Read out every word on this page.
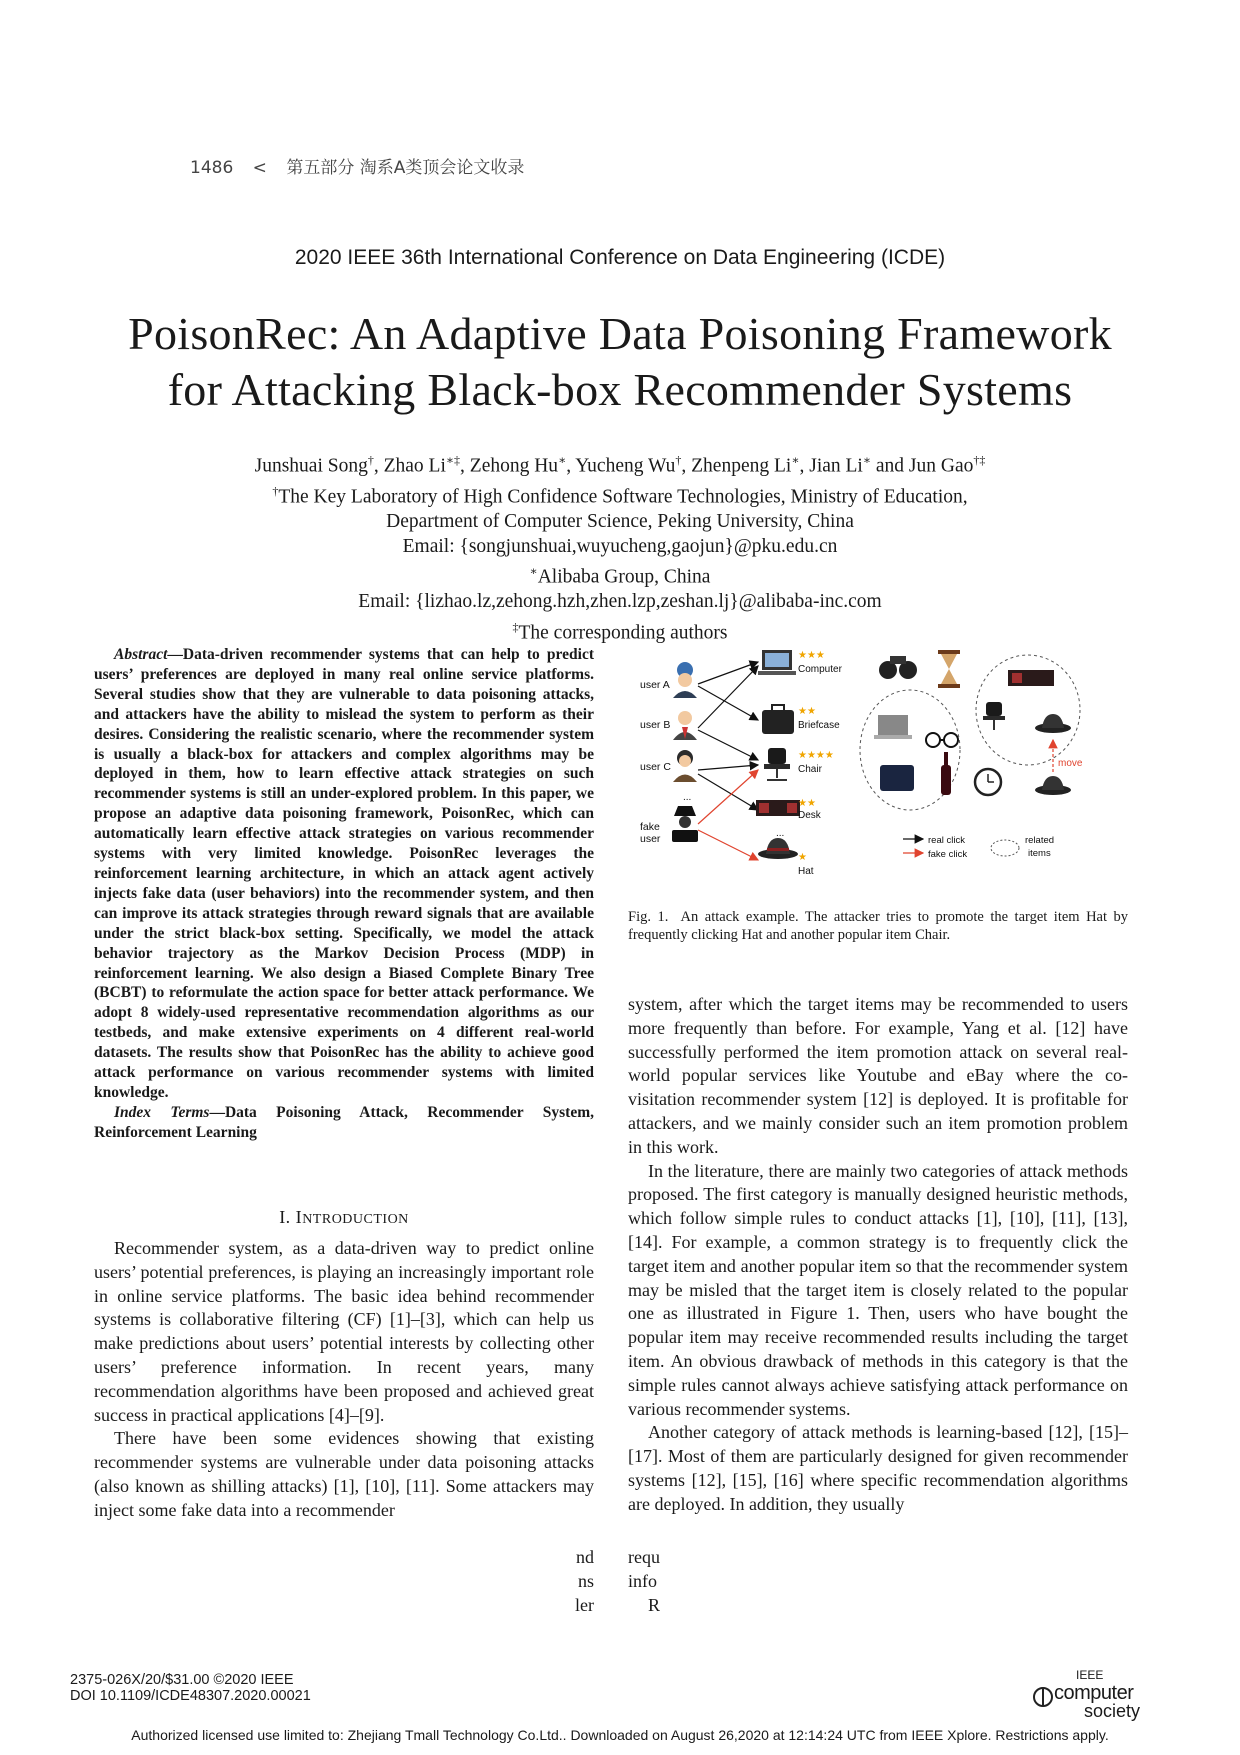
1486 < 第五部分 淘系A类顶会论文收录
2020 IEEE 36th International Conference on Data Engineering (ICDE)
PoisonRec: An Adaptive Data Poisoning Framework
for Attacking Black-box Recommender Systems
Junshuai Song†, Zhao Li∗‡, Zehong Hu∗, Yucheng Wu†, Zhenpeng Li∗, Jian Li∗ and Jun Gao†‡
†The Key Laboratory of High Confidence Software Technologies, Ministry of Education,
Department of Computer Science, Peking University, China
Email: {songjunshuai,wuyucheng,gaojun}@pku.edu.cn
∗Alibaba Group, China
Email: {lizhao.lz,zehong.hzh,zhen.lzp,zeshan.lj}@alibaba-inc.com
‡The corresponding authors

Abstract—Data-driven recommender systems that can help to predict users’ preferences are deployed in many real online service platforms. Several studies show that they are vulnerable to data poisoning attacks, and attackers have the ability to mislead the system to perform as their desires. Considering the realistic scenario, where the recommender system is usually a black-box for attackers and complex algorithms may be deployed in them, how to learn effective attack strategies on such recommender systems is still an under-explored problem. In this paper, we propose an adaptive data poisoning framework, PoisonRec, which can automatically learn effective attack strategies on various recommender systems with very limited knowledge. PoisonRec leverages the reinforcement learning architecture, in which an attack agent actively injects fake data (user behaviors) into the recommender system, and then can improve its attack strategies through reward signals that are available under the strict black-box setting. Specifically, we model the attack behavior trajectory as the Markov Decision Process (MDP) in reinforcement learning. We also design a Biased Complete Binary Tree (BCBT) to reformulate the action space for better attack performance. We adopt 8 widely-used representative recommendation algorithms as our testbeds, and make extensive experiments on 4 different real-world datasets. The results show that PoisonRec has the ability to achieve good attack performance on various recommender systems with limited knowledge.

Index Terms—Data Poisoning Attack, Recommender System, Reinforcement Learning

I. INTRODUCTION

Recommender system, as a data-driven way to predict online users’ potential preferences, is playing an increasingly important role in online service platforms. The basic idea behind recommender systems is collaborative filtering (CF) [1]–[3], which can help us make predictions about users’ potential interests by collecting other users’ preference information. In recent years, many recommendation algorithms have been proposed and achieved great success in practical applications [4]–[9].

There have been some evidences showing that existing recommender systems are vulnerable under data poisoning attacks (also known as shilling attacks) [1], [10], [11]. Some attackers may inject some fake data into a recommender

nd
ns
ler
user A
user B
user C
...
fake user
★★★
Computer
★★
Briefcase
★★★★
Chair
★★
Desk
...
★
Hat
move
real click
fake click
related
items
Fig. 1. An attack example. The attacker tries to promote the target item Hat by frequently clicking Hat and another popular item Chair.

system, after which the target items may be recommended to users more frequently than before. For example, Yang et al. [12] have successfully performed the item promotion attack on several real-world popular services like Youtube and eBay where the co-visitation recommender system [12] is deployed. It is profitable for attackers, and we mainly consider such an item promotion problem in this work.

In the literature, there are mainly two categories of attack methods proposed. The first category is manually designed heuristic methods, which follow simple rules to conduct attacks [1], [10], [11], [13], [14]. For example, a common strategy is to frequently click the target item and another popular item so that the recommender system may be misled that the target item is closely related to the popular one as illustrated in Figure 1. Then, users who have bought the popular item may receive recommended results including the target item. An obvious drawback of methods in this category is that the simple rules cannot always achieve satisfying attack performance on various recommender systems.

Another category of attack methods is learning-based [12], [15]–[17]. Most of them are particularly designed for given recommender systems [12], [15], [16] where specific recommendation algorithms are deployed. In addition, they usually

requ
info
R
2375-026X/20/$31.00 ©2020 IEEE
DOI 10.1109/ICDE48307.2020.00021
IEEE
computer
society
Authorized licensed use limited to: Zhejiang Tmall Technology Co.Ltd.. Downloaded on August 26,2020 at 12:14:24 UTC from IEEE Xplore. Restrictions apply.
